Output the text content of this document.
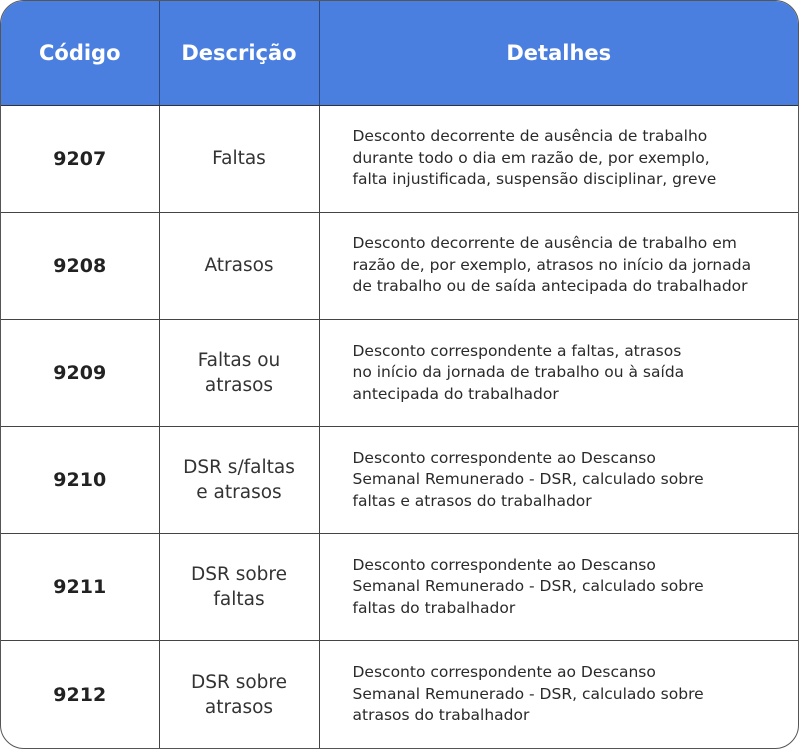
Código	Descrição	Detalhes
9207	Faltas	Desconto decorrente de ausência de trabalho
durante todo o dia em razão de, por exemplo,
falta injustificada, suspensão disciplinar, greve

9208	Atrasos	Desconto decorrente de ausência de trabalho em
razão de, por exemplo, atrasos no início da jornada
de trabalho ou de saída antecipada do trabalhador

9209	Faltas ou
atrasos	Desconto correspondente a faltas, atrasos
no início da jornada de trabalho ou à saída
antecipada do trabalhador

9210	DSR s/faltas
e atrasos	Desconto correspondente ao Descanso
Semanal Remunerado - DSR, calculado sobre
faltas e atrasos do trabalhador

9211	DSR sobre
faltas	Desconto correspondente ao Descanso
Semanal Remunerado - DSR, calculado sobre
faltas do trabalhador

9212	DSR sobre
atrasos	Desconto correspondente ao Descanso
Semanal Remunerado - DSR, calculado sobre
atrasos do trabalhador
